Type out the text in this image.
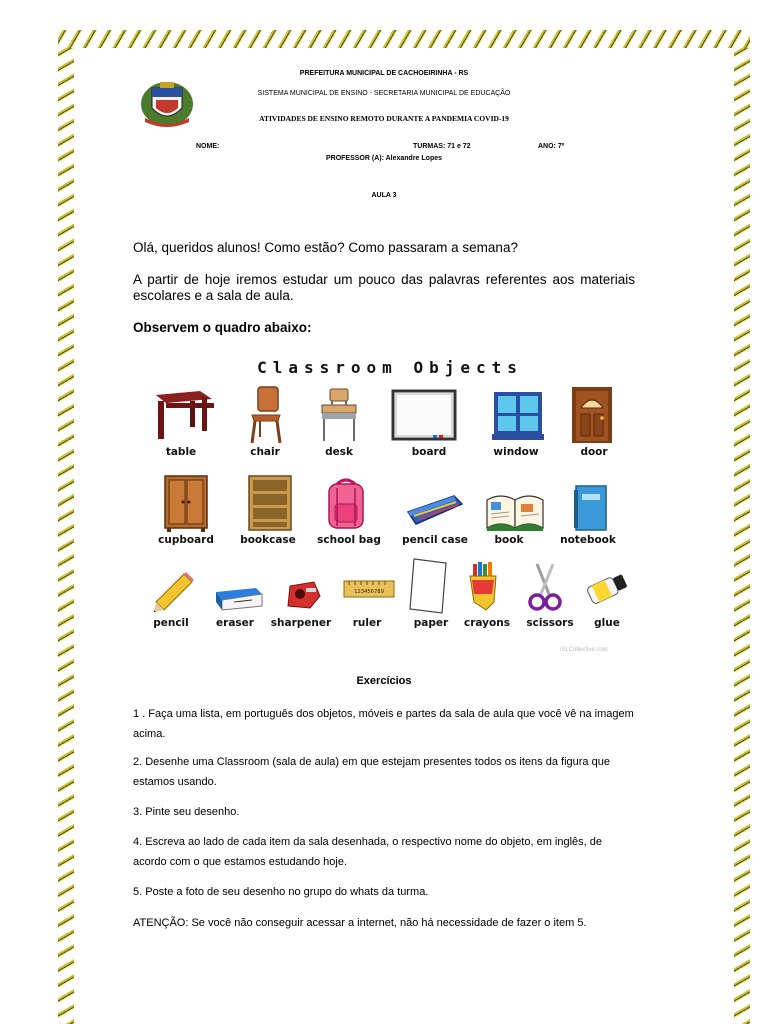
PREFEITURA MUNICIPAL DE CACHOEIRINHA - RS
SISTEMA MUNICIPAL DE ENSINO - SECRETARIA MUNICIPAL DE EDUCAÇÃO
ATIVIDADES DE ENSINO REMOTO DURANTE A PANDEMIA COVID-19
NOME:	TURMAS: 71 e 72	ANO: 7º
PROFESSOR (A): Alexandre Lopes
AULA 3
Olá, queridos alunos! Como estão? Como passaram a semana?
A partir de hoje iremos estudar um pouco das palavras referentes aos materiais escolares e a sala de aula.
Observem o quadro abaixo:
Classroom Objects
table	chair	desk	board	window	door
cupboard	bookcase	school bag	pencil case	book	notebook
123456789
pencil	eraser	sharpener	ruler	paper	crayons	scissors	glue
iSLCollective.com
Exercícios
1 . Faça uma lista, em português dos objetos, móveis e partes da sala de aula que você vê na imagem acima.
2. Desenhe uma Classroom (sala de aula) em que estejam presentes todos os itens da figura que estamos usando.
3. Pinte seu desenho.
4. Escreva ao lado de cada item da sala desenhada, o respectivo nome do objeto, em inglês, de acordo com o que estamos estudando hoje.
5. Poste a foto de seu desenho no grupo do whats da turma.
ATENÇÃO: Se você não conseguir acessar a internet, não há necessidade de fazer o item 5.
